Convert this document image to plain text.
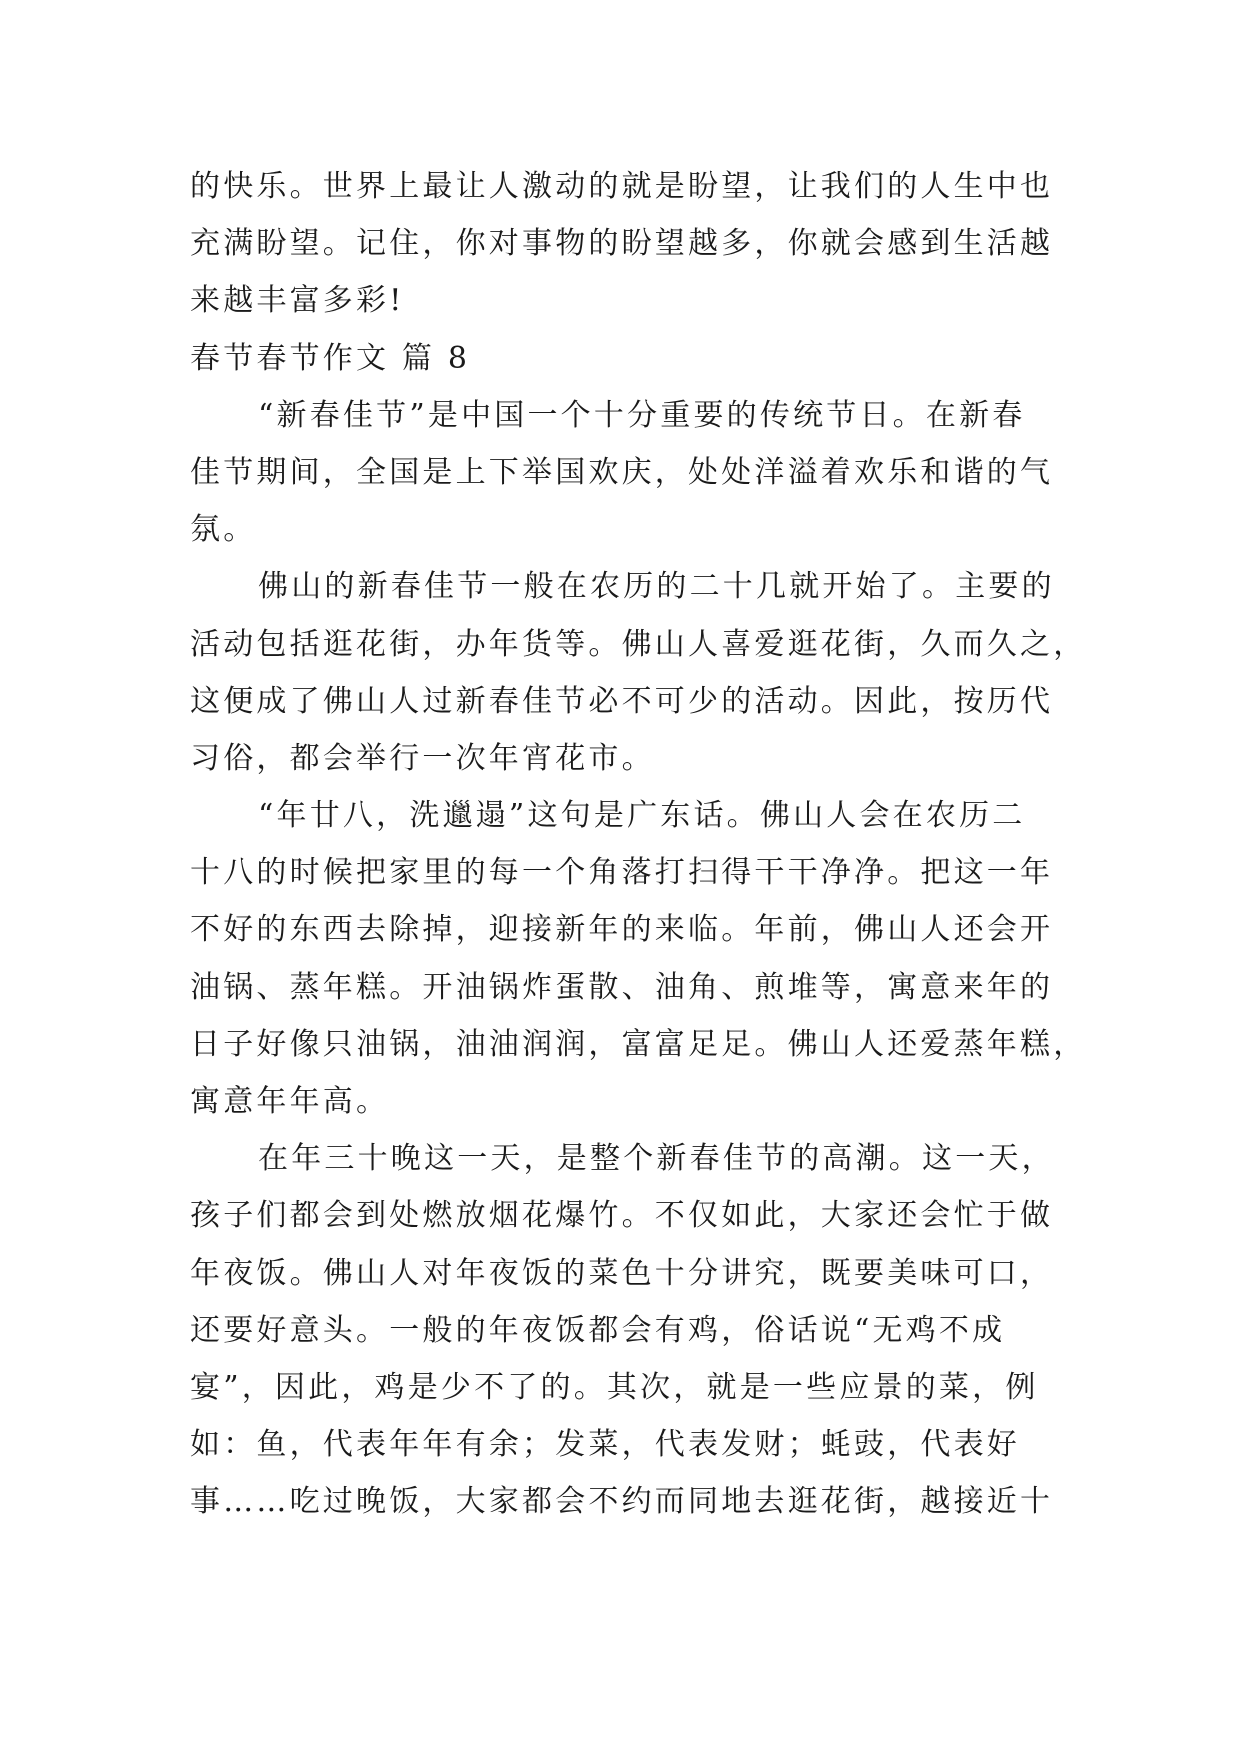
的快乐。世界上最让人激动的就是盼望，让我们的人生中也
充满盼望。记住，你对事物的盼望越多，你就会感到生活越
来越丰富多彩!
春节春节作文 篇 8
“新春佳节”是中国一个十分重要的传统节日。在新春
佳节期间，全国是上下举国欢庆，处处洋溢着欢乐和谐的气
氛。
佛山的新春佳节一般在农历的二十几就开始了。主要的
活动包括逛花街，办年货等。佛山人喜爱逛花街，久而久之，
这便成了佛山人过新春佳节必不可少的活动。因此，按历代
习俗，都会举行一次年宵花市。
“年廿八，洗邋遢”这句是广东话。佛山人会在农历二
十八的时候把家里的每一个角落打扫得干干净净。把这一年
不好的东西去除掉，迎接新年的来临。年前，佛山人还会开
油锅、蒸年糕。开油锅炸蛋散、油角、煎堆等，寓意来年的
日子好像只油锅，油油润润，富富足足。佛山人还爱蒸年糕，
寓意年年高。
在年三十晚这一天，是整个新春佳节的高潮。这一天，
孩子们都会到处燃放烟花爆竹。不仅如此，大家还会忙于做
年夜饭。佛山人对年夜饭的菜色十分讲究，既要美味可口，
还要好意头。一般的年夜饭都会有鸡，俗话说“无鸡不成
宴”，因此，鸡是少不了的。其次，就是一些应景的菜，例
如：鱼，代表年年有余；发菜，代表发财；蚝豉，代表好
事……吃过晚饭，大家都会不约而同地去逛花街，越接近十
